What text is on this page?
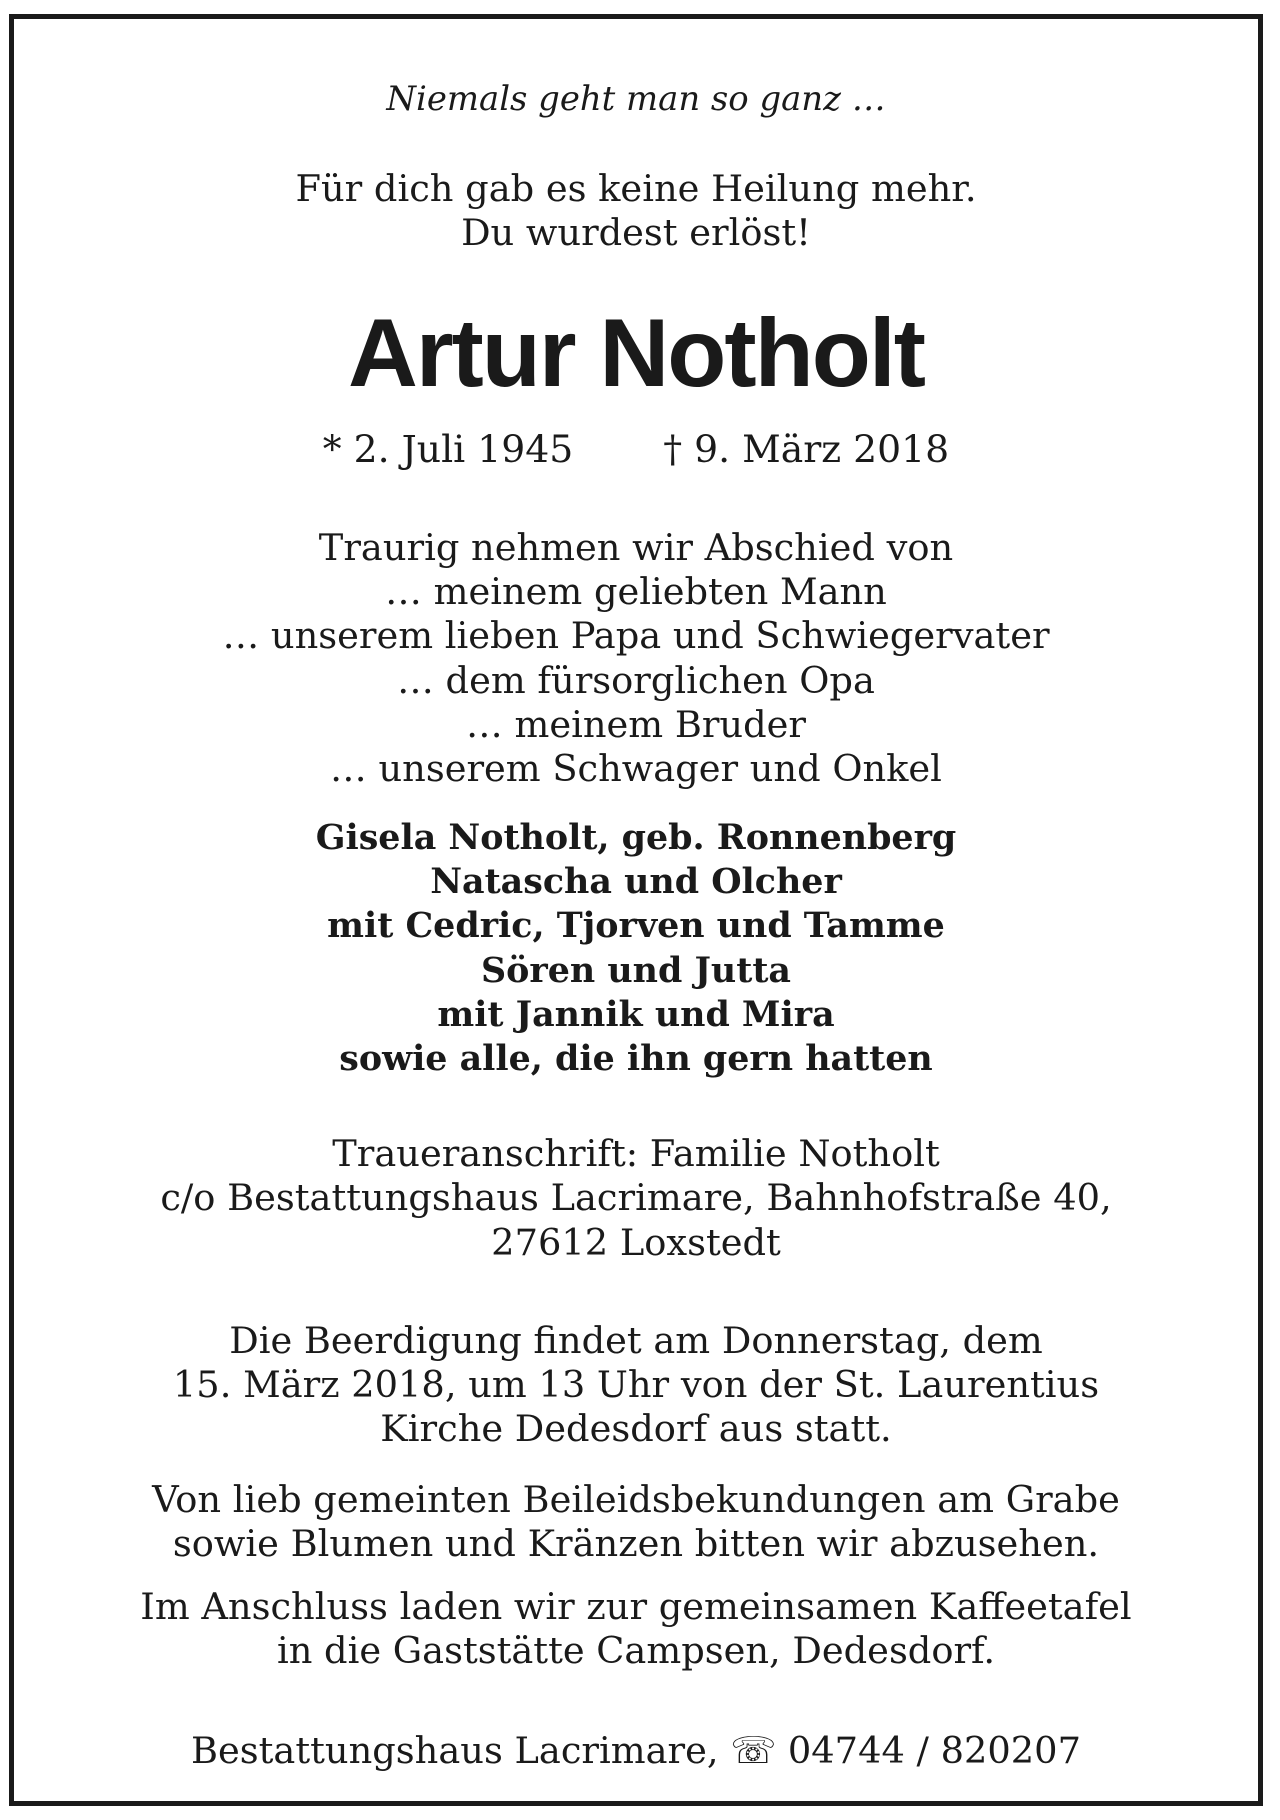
Niemals geht man so ganz …
Für dich gab es keine Heilung mehr.
Du wurdest erlöst!
Artur Notholt
* 2. Juli 1945 † 9. März 2018
Traurig nehmen wir Abschied von
… meinem geliebten Mann
… unserem lieben Papa und Schwiegervater
… dem fürsorglichen Opa
… meinem Bruder
… unserem Schwager und Onkel
Gisela Notholt, geb. Ronnenberg
Natascha und Olcher
mit Cedric, Tjorven und Tamme
Sören und Jutta
mit Jannik und Mira
sowie alle, die ihn gern hatten
Traueranschrift: Familie Notholt
c/o Bestattungshaus Lacrimare, Bahnhofstraße 40,
27612 Loxstedt
Die Beerdigung findet am Donnerstag, dem
15. März 2018, um 13 Uhr von der St. Laurentius
Kirche Dedesdorf aus statt.
Von lieb gemeinten Beileidsbekundungen am Grabe
sowie Blumen und Kränzen bitten wir abzusehen.
Im Anschluss laden wir zur gemeinsamen Kaffeetafel
in die Gaststätte Campsen, Dedesdorf.
Bestattungshaus Lacrimare, ☏ 04744 / 820207
